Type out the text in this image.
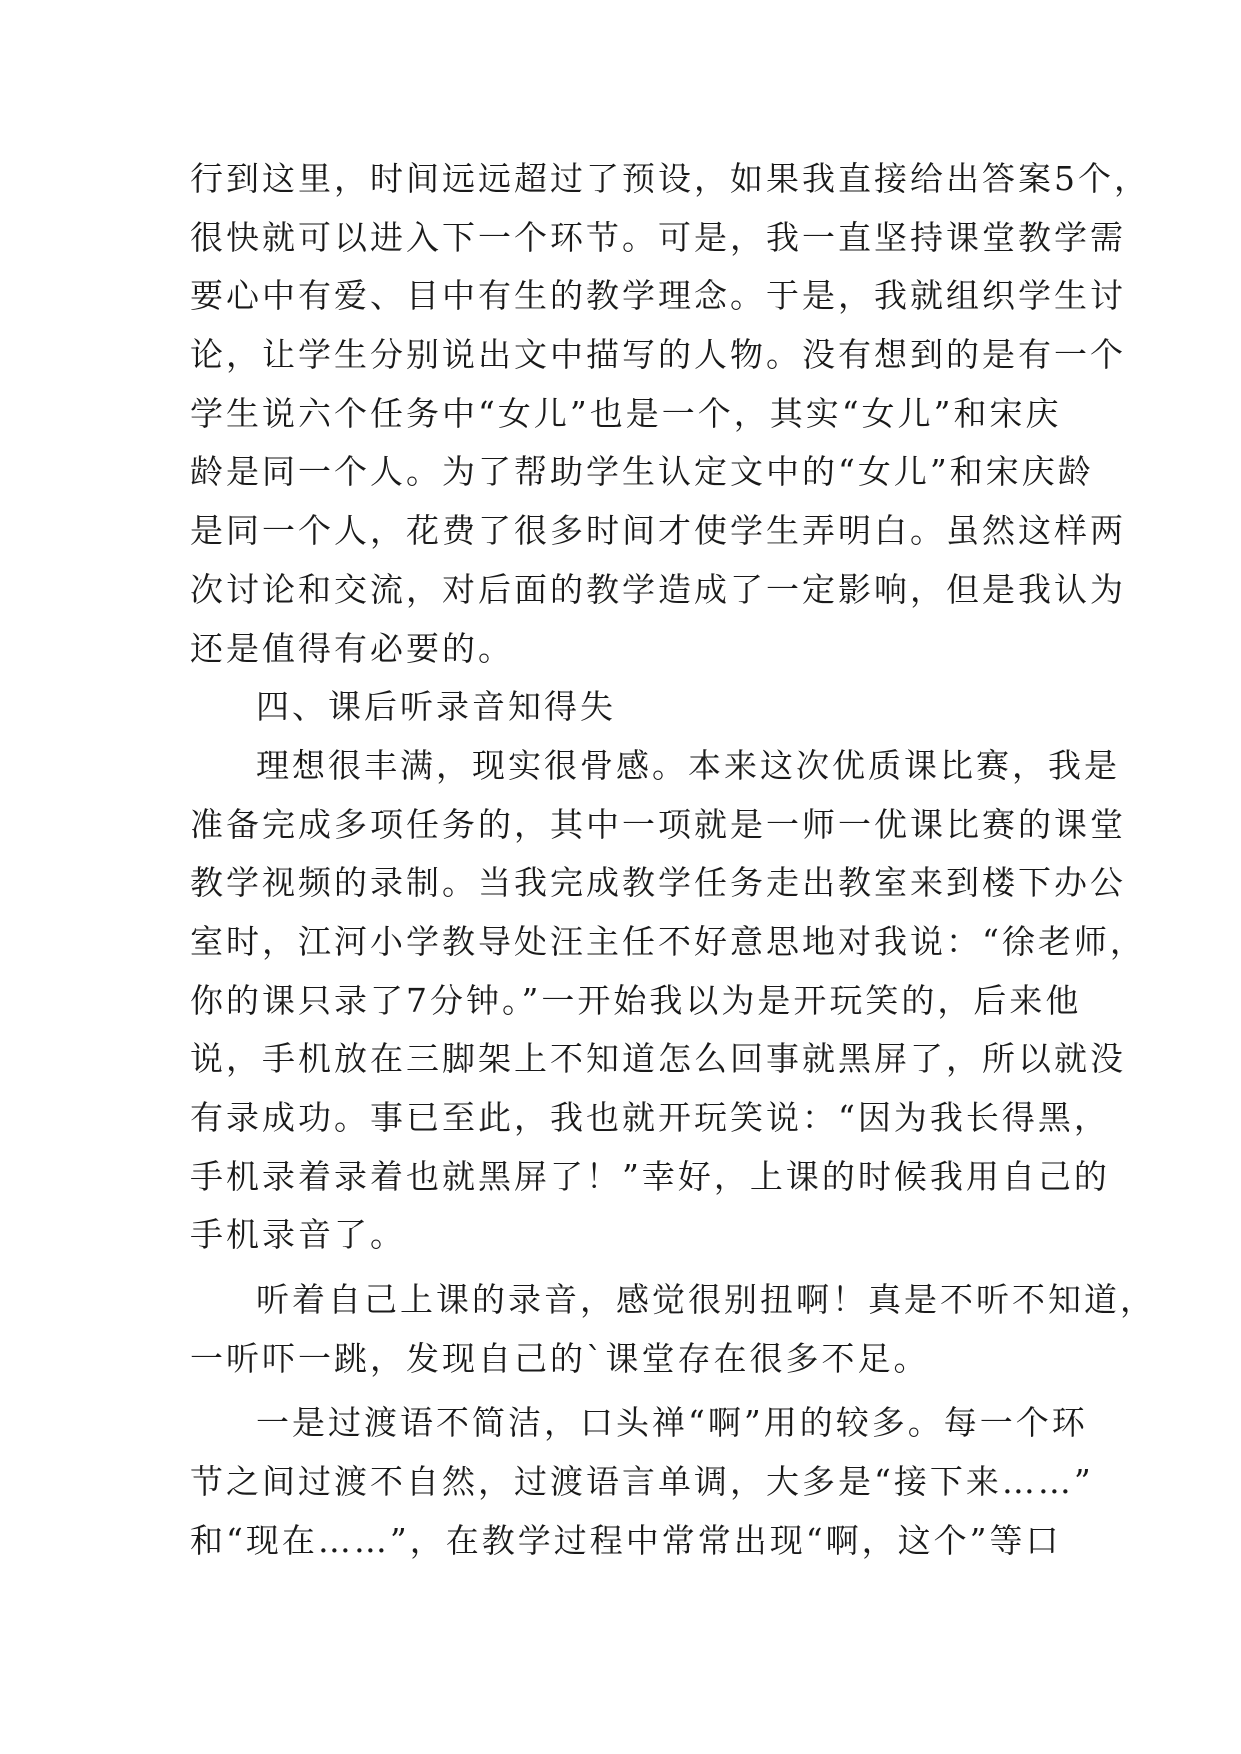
行到这里，时间远远超过了预设，如果我直接给出答案5个，
很快就可以进入下一个环节。可是，我一直坚持课堂教学需
要心中有爱、目中有生的教学理念。于是，我就组织学生讨
论，让学生分别说出文中描写的人物。没有想到的是有一个
学生说六个任务中“女儿”也是一个，其实“女儿”和宋庆
龄是同一个人。为了帮助学生认定文中的“女儿”和宋庆龄
是同一个人，花费了很多时间才使学生弄明白。虽然这样两
次讨论和交流，对后面的教学造成了一定影响，但是我认为
还是值得有必要的。
四、课后听录音知得失
理想很丰满，现实很骨感。本来这次优质课比赛，我是
准备完成多项任务的，其中一项就是一师一优课比赛的课堂
教学视频的录制。当我完成教学任务走出教室来到楼下办公
室时，江河小学教导处汪主任不好意思地对我说：“徐老师，
你的课只录了7分钟。”一开始我以为是开玩笑的，后来他
说，手机放在三脚架上不知道怎么回事就黑屏了，所以就没
有录成功。事已至此，我也就开玩笑说：“因为我长得黑，
手机录着录着也就黑屏了！”幸好，上课的时候我用自己的
手机录音了。
听着自己上课的录音，感觉很别扭啊！真是不听不知道，
一听吓一跳，发现自己的`课堂存在很多不足。
一是过渡语不简洁，口头禅“啊”用的较多。每一个环
节之间过渡不自然，过渡语言单调，大多是“接下来……”
和“现在……”，在教学过程中常常出现“啊，这个”等口
